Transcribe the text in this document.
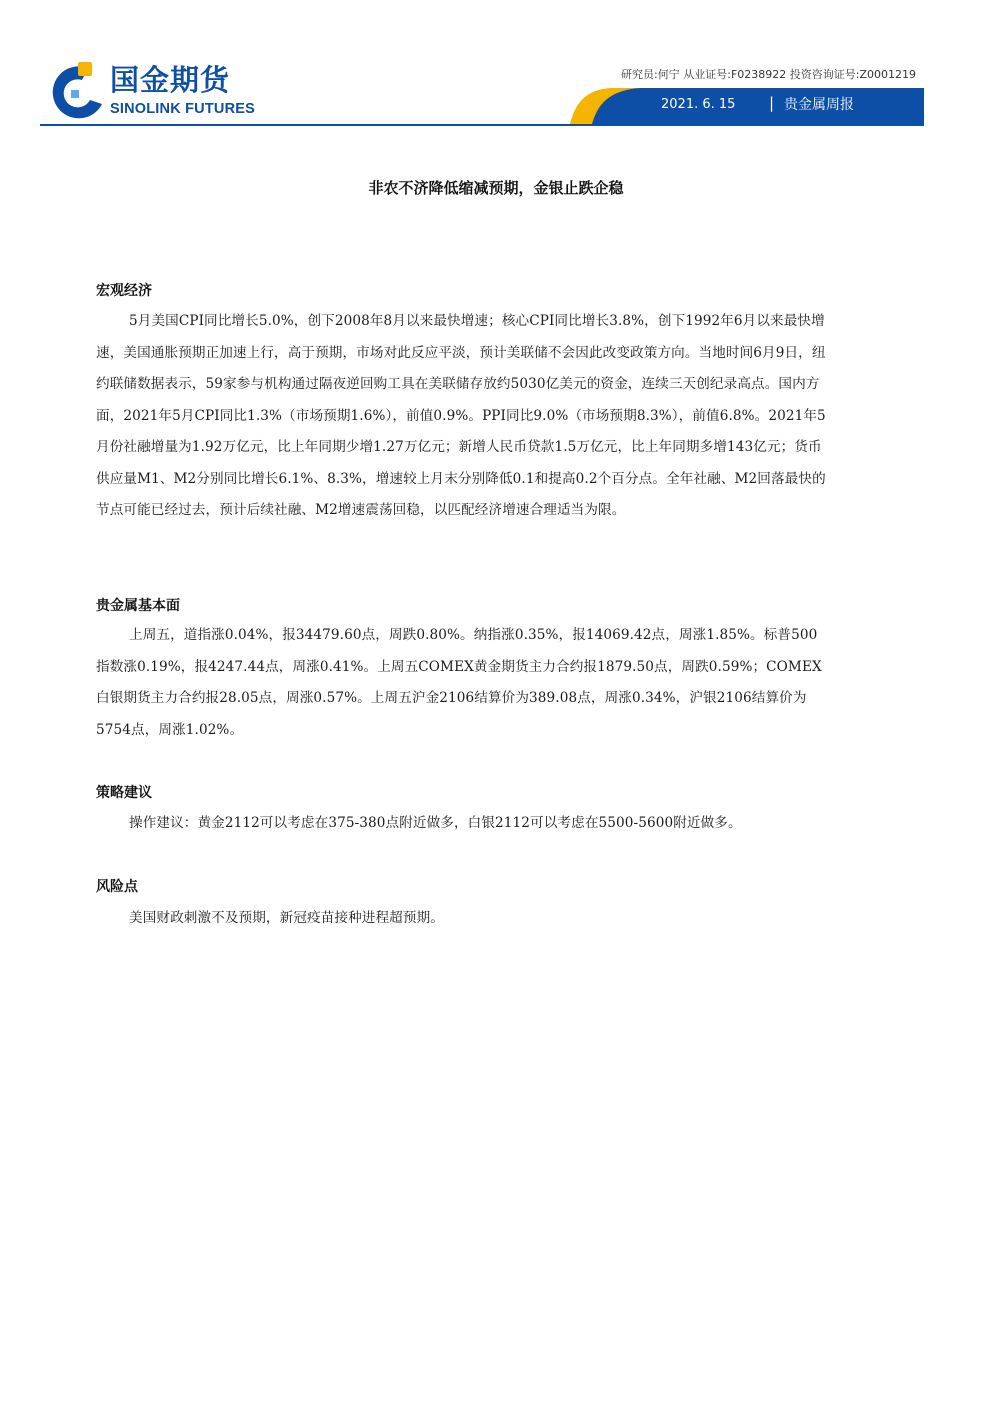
国金期货
SINOLINK FUTURES
研究员:何宁 从业证号:F0238922 投资咨询证号:Z0001219
2021. 6. 15 | 贵金属周报
非农不济降低缩减预期，金银止跌企稳
宏观经济
5月美国CPI同比增长5.0%，创下2008年8月以来最快增速；核心CPI同比增长3.8%，创下1992年6月以来最快增速，美国通胀预期正加速上行，高于预期，市场对此反应平淡，预计美联储不会因此改变政策方向。当地时间6月9日，纽约联储数据表示，59家参与机构通过隔夜逆回购工具在美联储存放约5030亿美元的资金，连续三天创纪录高点。国内方面，2021年5月CPI同比1.3%（市场预期1.6%），前值0.9%。PPI同比9.0%（市场预期8.3%），前值6.8%。2021年5月份社融增量为1.92万亿元，比上年同期少增1.27万亿元；新增人民币贷款1.5万亿元，比上年同期多增143亿元；货币供应量M1、M2分别同比增长6.1%、8.3%，增速较上月末分别降低0.1和提高0.2个百分点。全年社融、M2回落最快的节点可能已经过去，预计后续社融、M2增速震荡回稳，以匹配经济增速合理适当为限。
贵金属基本面
上周五，道指涨0.04%，报34479.60点，周跌0.80%。纳指涨0.35%，报14069.42点，周涨1.85%。标普500指数涨0.19%，报4247.44点，周涨0.41%。上周五COMEX黄金期货主力合约报1879.50点，周跌0.59%；COMEX白银期货主力合约报28.05点，周涨0.57%。上周五沪金2106结算价为389.08点，周涨0.34%，沪银2106结算价为5754点，周涨1.02%。
策略建议
操作建议：黄金2112可以考虑在375-380点附近做多，白银2112可以考虑在5500-5600附近做多。
风险点
美国财政刺激不及预期，新冠疫苗接种进程超预期。
